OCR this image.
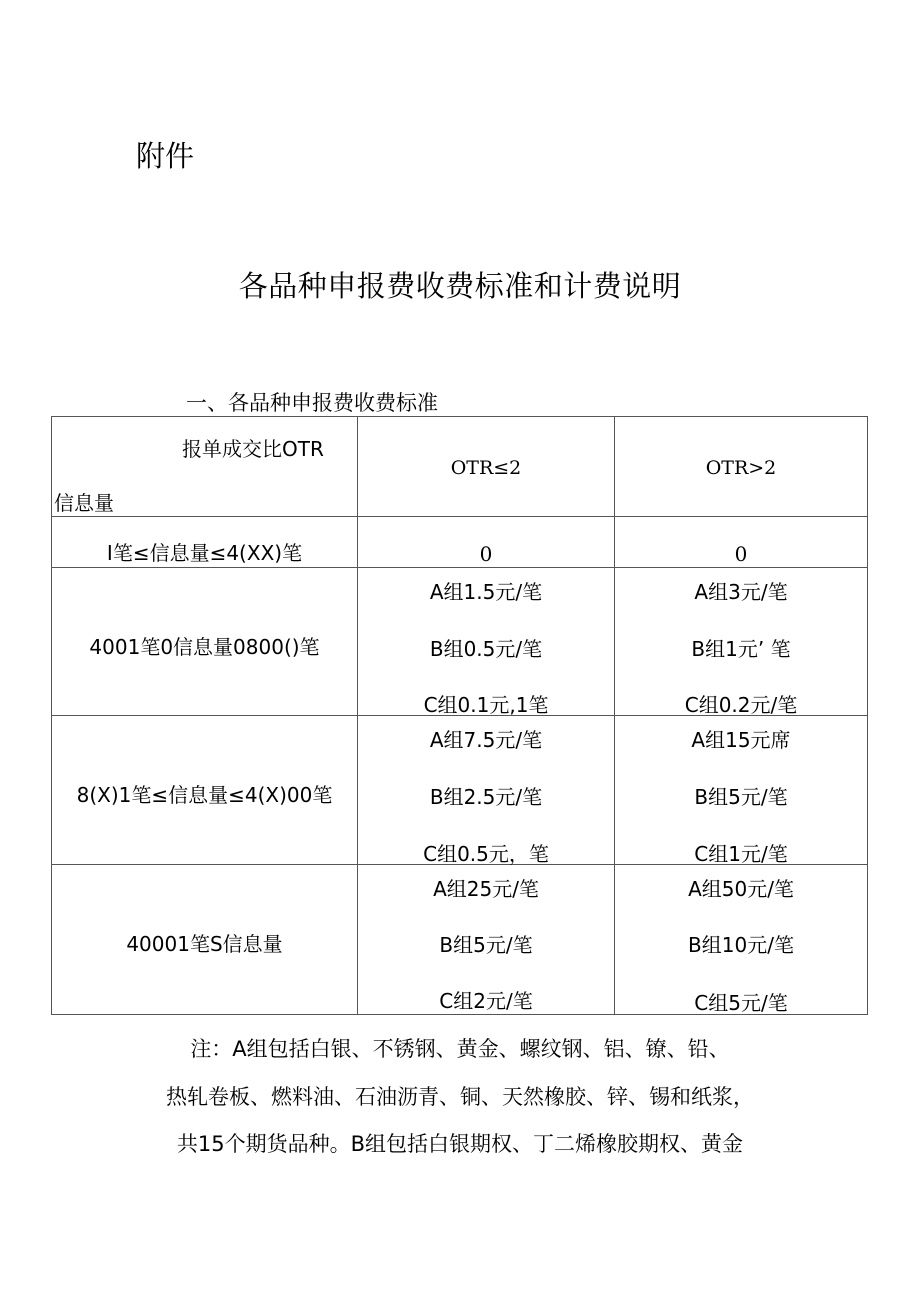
附件
各品种申报费收费标准和计费说明
一、各品种申报费收费标准
报单成交比OTR
信息量	OTR≤2	OTR>2

I笔≤信息量≤4(XX)笔	0	0

4001笔0信息量0800()笔	A组1.5元/笔
B组0.5元/笔
C组0.1元,1笔	A组3元/笔
B组1元’ 笔
C组0.2元/笔

8(X)1笔≤信息量≤4(X)00笔	A组7.5元/笔
B组2.5元/笔
C组0.5元，笔	A组15元席
B组5元/笔
C组1元/笔

40001笔S信息量	A组25元/笔
B组5元/笔
C组2元/笔	A组50元/笔
B组10元/笔
C组5元/笔
注：A组包括白银、不锈钢、黄金、螺纹钢、铝、镣、铅、
热轧卷板、燃料油、石油沥青、铜、天然橡胶、锌、锡和纸浆，
共15个期货品种。B组包括白银期权、丁二烯橡胶期权、黄金
